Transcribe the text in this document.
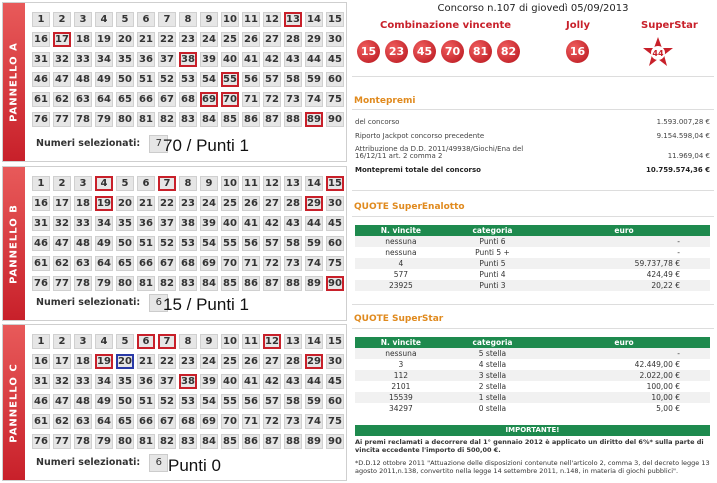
PANNELLO A
1 2 3 4 5 6 7 8 9 10 11 12 13 14 15
16 17 18 19 20 21 22 23 24 25 26 27 28 29 30
31 32 33 34 35 36 37 38 39 40 41 42 43 44 45
46 47 48 49 50 51 52 53 54 55 56 57 58 59 60
61 62 63 64 65 66 67 68 69 70 71 72 73 74 75
76 77 78 79 80 81 82 83 84 85 86 87 88 89 90
Numeri selezionati: 7 70 / Punti 1
PANNELLO B
1 2 3 4 5 6 7 8 9 10 11 12 13 14 15
16 17 18 19 20 21 22 23 24 25 26 27 28 29 30
31 32 33 34 35 36 37 38 39 40 41 42 43 44 45
46 47 48 49 50 51 52 53 54 55 56 57 58 59 60
61 62 63 64 65 66 67 68 69 70 71 72 73 74 75
76 77 78 79 80 81 82 83 84 85 86 87 88 89 90
Numeri selezionati: 6 15 / Punti 1
PANNELLO C
1 2 3 4 5 6 7 8 9 10 11 12 13 14 15
16 17 18 19 20 21 22 23 24 25 26 27 28 29 30
31 32 33 34 35 36 37 38 39 40 41 42 43 44 45
46 47 48 49 50 51 52 53 54 55 56 57 58 59 60
61 62 63 64 65 66 67 68 69 70 71 72 73 74 75
76 77 78 79 80 81 82 83 84 85 86 87 88 89 90
Numeri selezionati: 6 Punti 0
Concorso n.107 di giovedì 05/09/2013
Combinazione vincente	Jolly	SuperStar
15	23	45	70	81	82	16	44
Montepremi
del concorso	1.593.007,28 €
Riporto Jackpot concorso precedente	9.154.598,04 €
Attribuzione da D.D. 2011/49938/Giochi/Ena del
16/12/11 art. 2 comma 2	11.969,04 €
Montepremi totale del concorso	10.759.574,36 €
QUOTE SuperEnalotto
N. vincite	categoria	euro
nessuna	Punti 6	-
nessuna	Punti 5 +	-
4	Punti 5	59.737,78 €
577	Punti 4	424,49 €
23925	Punti 3	20,22 €
QUOTE SuperStar
N. vincite	categoria	euro
nessuna	5 stella	-
3	4 stella	42.449,00 €
112	3 stella	2.022,00 €
2101	2 stella	100,00 €
15539	1 stella	10,00 €
34297	0 stella	5,00 €
IMPORTANTE!
Ai premi reclamati a decorrere dal 1° gennaio 2012 è applicato un diritto del 6%* sulla parte di vincita eccedente l'importo di 500,00 €.
*D.D.12 ottobre 2011 "Attuazione delle disposizioni contenute nell'articolo 2, comma 3, del decreto legge 13 agosto 2011,n.138, convertito nella legge 14 settembre 2011, n.148, in materia di giochi pubblici".
